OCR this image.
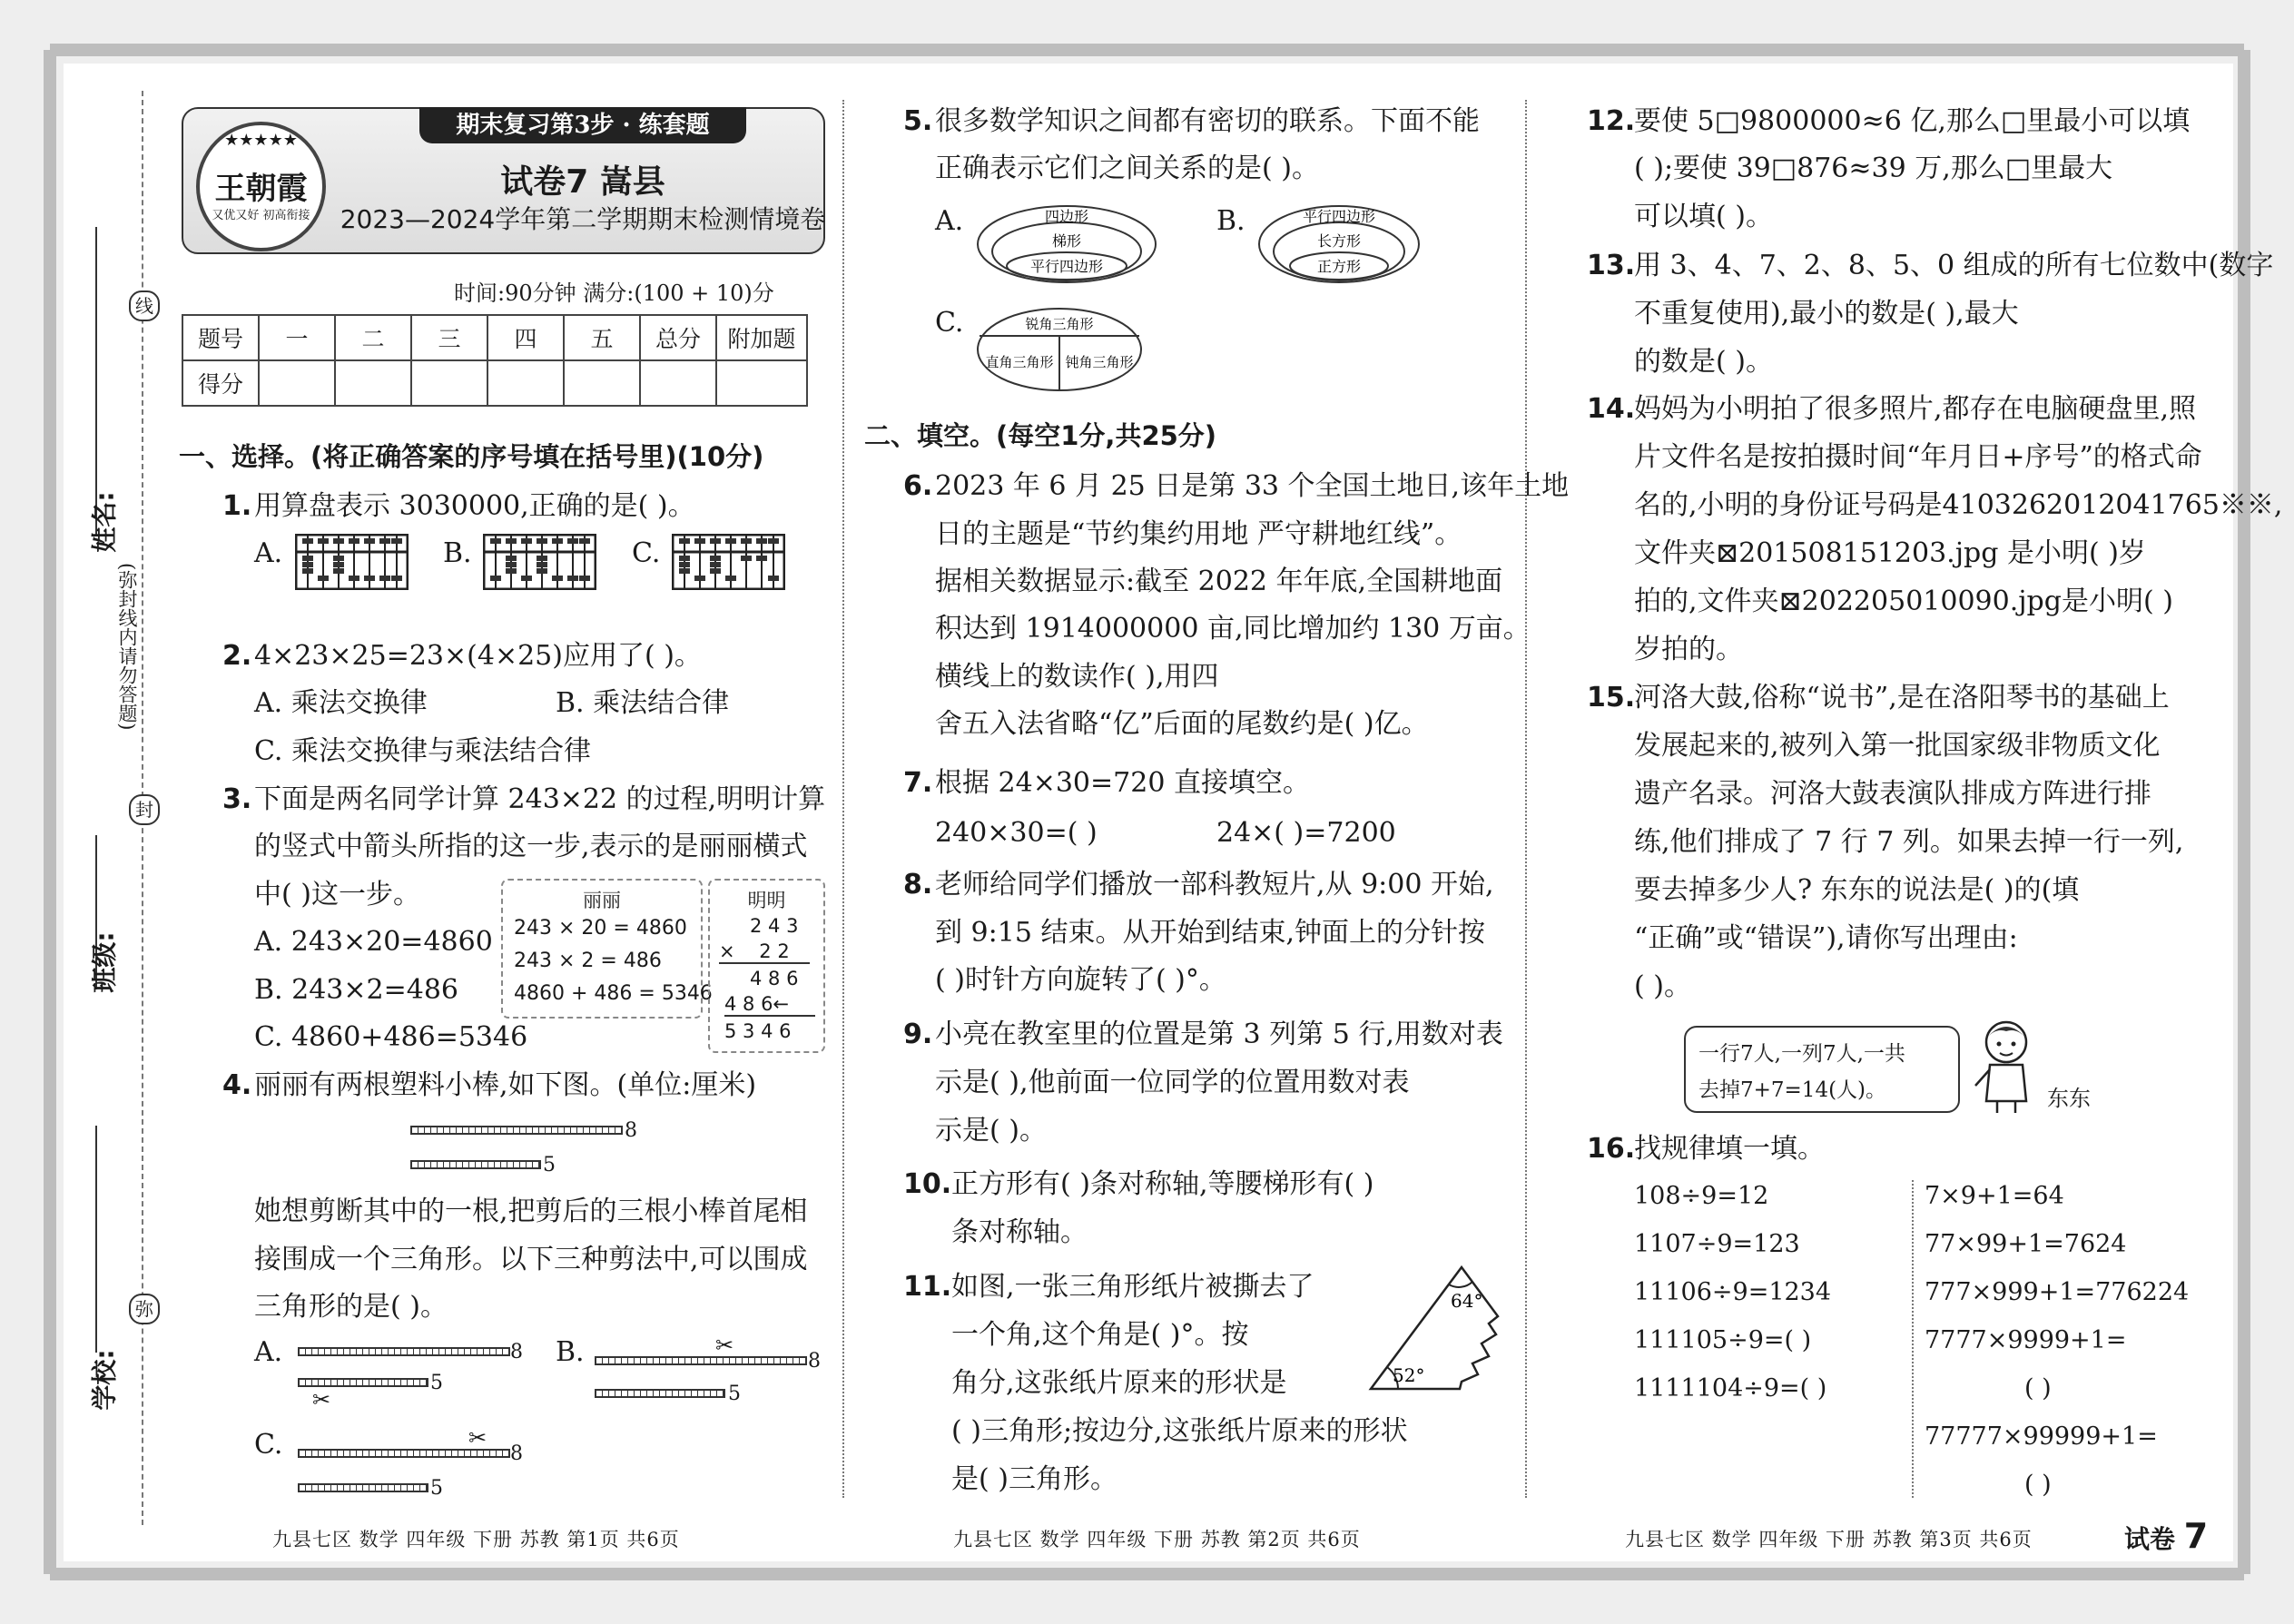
线
封
弥
(弥封线内请勿答题)
姓名:
班级:
学校:
期末复习第3步 · 练套题
试卷7 嵩县
2023—2024学年第二学期期末检测情境卷
★★★★★
王朝霞
又优又好 初高衔接
时间:90分钟 满分:(100 + 10)分
题号	一	二	三	四	五	总分	附加题
得分							
一、选择。(将正确答案的序号填在括号里)(10分)
1. 用算盘表示 3030000,正确的是( )。
A.	B.	C.
2. 4×23×25=23×(4×25)应用了( )。
A. 乘法交换律	B. 乘法结合律
C. 乘法交换律与乘法结合律
3. 下面是两名同学计算 243×22 的过程,明明计算
的竖式中箭头所指的这一步,表示的是丽丽横式
中( )这一步。
A. 243×20=4860
B. 243×2=486
C. 4860+486=5346
丽丽
243 × 20 = 4860
243 × 2 = 486
4860 + 486 = 5346
明明
2 4 3
×    2 2
4 8 6
4 8 6←
5 3 4 6
4. 丽丽有两根塑料小棒,如下图。(单位:厘米)
8
5
她想剪断其中的一根,把剪后的三根小棒首尾相
接围成一个三角形。以下三种剪法中,可以围成
三角形的是( )。
A.	8
5
✂
B.	8
5
✂
C.	8
5
✂
九县七区 数学 四年级 下册 苏教 第1页 共6页
5. 很多数学知识之间都有密切的联系。下面不能
正确表示它们之间关系的是( )。
A.	四边形
梯形
平行四边形
B.	平行四边形
长方形
正方形
C.	锐角三角形
直角三角形 钝角三角形
二、填空。(每空1分,共25分)
6. 2023 年 6 月 25 日是第 33 个全国土地日,该年土地
日的主题是“节约集约用地 严守耕地红线”。
据相关数据显示:截至 2022 年年底,全国耕地面
积达到 1914000000 亩,同比增加约 130 万亩。
横线上的数读作( ),用四
舍五入法省略“亿”后面的尾数约是( )亿。
7. 根据 24×30=720 直接填空。
240×30=( )	24×( )=7200
8. 老师给同学们播放一部科教短片,从 9:00 开始,
到 9:15 结束。从开始到结束,钟面上的分针按
( )时针方向旋转了( )°。
9. 小亮在教室里的位置是第 3 列第 5 行,用数对表
示是( ),他前面一位同学的位置用数对表
示是( )。
10. 正方形有( )条对称轴,等腰梯形有( )
条对称轴。
11. 如图,一张三角形纸片被撕去了
一个角,这个角是( )°。按
角分,这张纸片原来的形状是
( )三角形;按边分,这张纸片原来的形状
是( )三角形。
64°
52°
九县七区 数学 四年级 下册 苏教 第2页 共6页
12.
要使 5□9800000≈6 亿,那么□里最小可以填
( );要使 39□876≈39 万,那么□里最大
可以填( )。
13.
用 3、4、7、2、8、5、0 组成的所有七位数中(数字
不重复使用),最小的数是( ),最大
的数是( )。
14.
妈妈为小明拍了很多照片,都存在电脑硬盘里,照
片文件名是按拍摄时间“年月日+序号”的格式命
名的,小明的身份证号码是4103262012041765※※,
文件夹⊠201508151203.jpg 是小明( )岁
拍的,文件夹⊠202205010090.jpg是小明( )
岁拍的。
15.
河洛大鼓,俗称“说书”,是在洛阳琴书的基础上
发展起来的,被列入第一批国家级非物质文化
遗产名录。河洛大鼓表演队排成方阵进行排
练,他们排成了 7 行 7 列。如果去掉一行一列,
要去掉多少人? 东东的说法是( )的(填
“正确”或“错误”),请你写出理由:
( )。
一行7人,一列7人,一共
去掉7+7=14(人)。	东东
16.
找规律填一填。
108÷9=12
1107÷9=123
11106÷9=1234
111105÷9=( )
1111104÷9=( )
7×9+1=64
77×99+1=7624
777×999+1=776224
7777×9999+1=
( )
77777×99999+1=
( )
九县七区 数学 四年级 下册 苏教 第3页 共6页	试卷 7
